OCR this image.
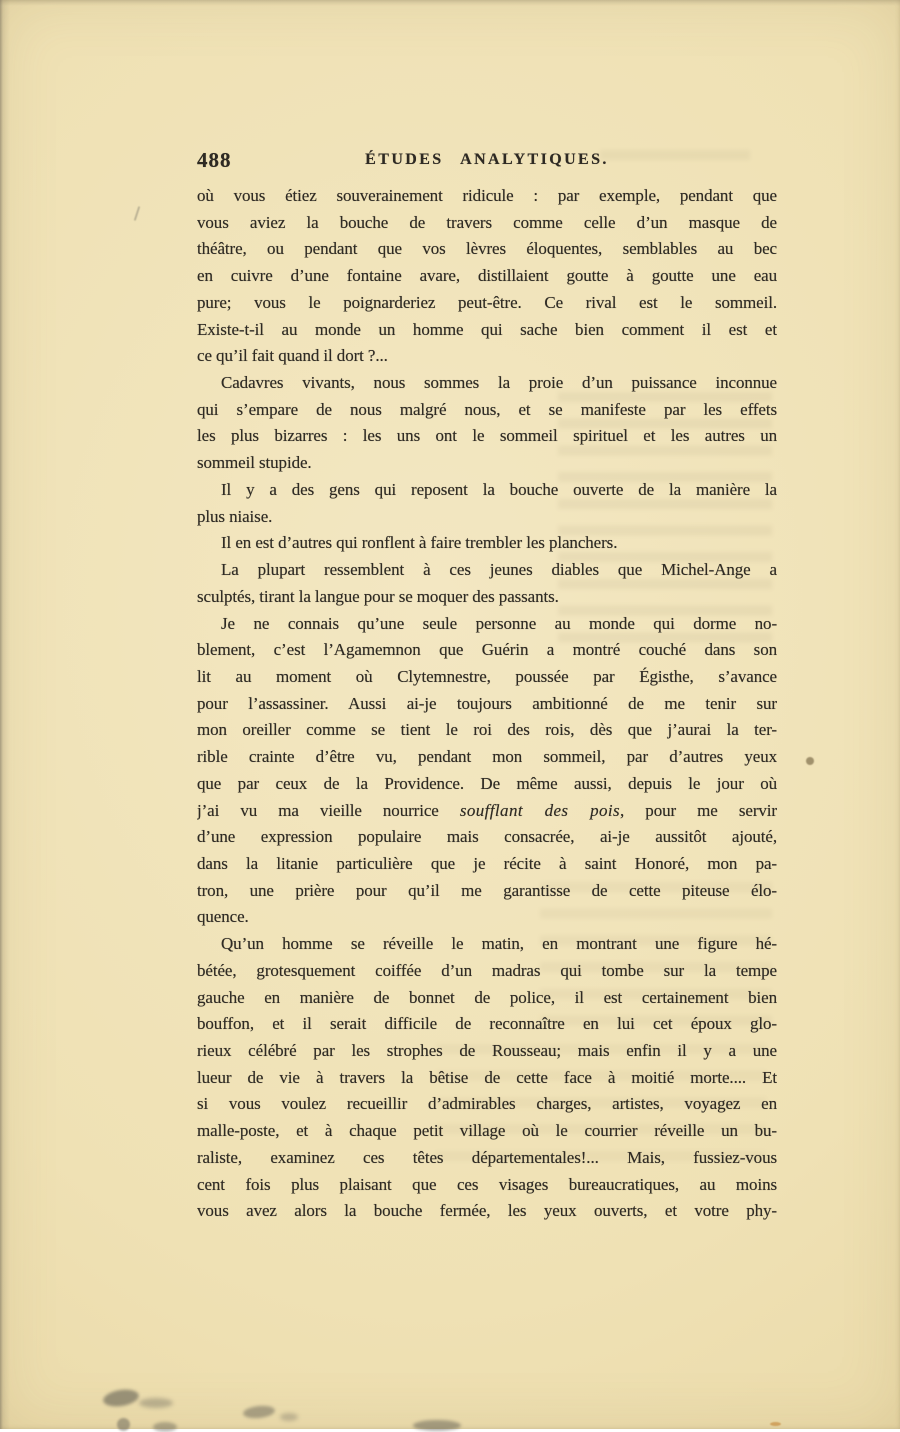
488	ÉTUDES ANALYTIQUES.
où vous étiez souverainement ridicule : par exemple, pendant que
vous aviez la bouche de travers comme celle d’un masque de
théâtre, ou pendant que vos lèvres éloquentes, semblables au bec
en cuivre d’une fontaine avare, distillaient goutte à goutte une eau
pure; vous le poignarderiez peut-être. Ce rival est le sommeil.
Existe-t-il au monde un homme qui sache bien comment il est et
ce qu’il fait quand il dort ?...
Cadavres vivants, nous sommes la proie d’un puissance inconnue
qui s’empare de nous malgré nous, et se manifeste par les effets
les plus bizarres : les uns ont le sommeil spirituel et les autres un
sommeil stupide.
Il y a des gens qui reposent la bouche ouverte de la manière la
plus niaise.
Il en est d’autres qui ronflent à faire trembler les planchers.
La plupart ressemblent à ces jeunes diables que Michel-Ange a
sculptés, tirant la langue pour se moquer des passants.
Je ne connais qu’une seule personne au monde qui dorme no-
blement, c’est l’Agamemnon que Guérin a montré couché dans son
lit au moment où Clytemnestre, poussée par Égisthe, s’avance
pour l’assassiner. Aussi ai-je toujours ambitionné de me tenir sur
mon oreiller comme se tient le roi des rois, dès que j’aurai la ter-
rible crainte d’être vu, pendant mon sommeil, par d’autres yeux
que par ceux de la Providence. De même aussi, depuis le jour où
j’ai vu ma vieille nourrice soufflant des pois, pour me servir
d’une expression populaire mais consacrée, ai-je aussitôt ajouté,
dans la litanie particulière que je récite à saint Honoré, mon pa-
tron, une prière pour qu’il me garantisse de cette piteuse élo-
quence.
Qu’un homme se réveille le matin, en montrant une figure hé-
bétée, grotesquement coiffée d’un madras qui tombe sur la tempe
gauche en manière de bonnet de police, il est certainement bien
bouffon, et il serait difficile de reconnaître en lui cet époux glo-
rieux célébré par les strophes de Rousseau; mais enfin il y a une
lueur de vie à travers la bêtise de cette face à moitié morte.... Et
si vous voulez recueillir d’admirables charges, artistes, voyagez en
malle-poste, et à chaque petit village où le courrier réveille un bu-
raliste, examinez ces têtes départementales!... Mais, fussiez-vous
cent fois plus plaisant que ces visages bureaucratiques, au moins
vous avez alors la bouche fermée, les yeux ouverts, et votre phy-
